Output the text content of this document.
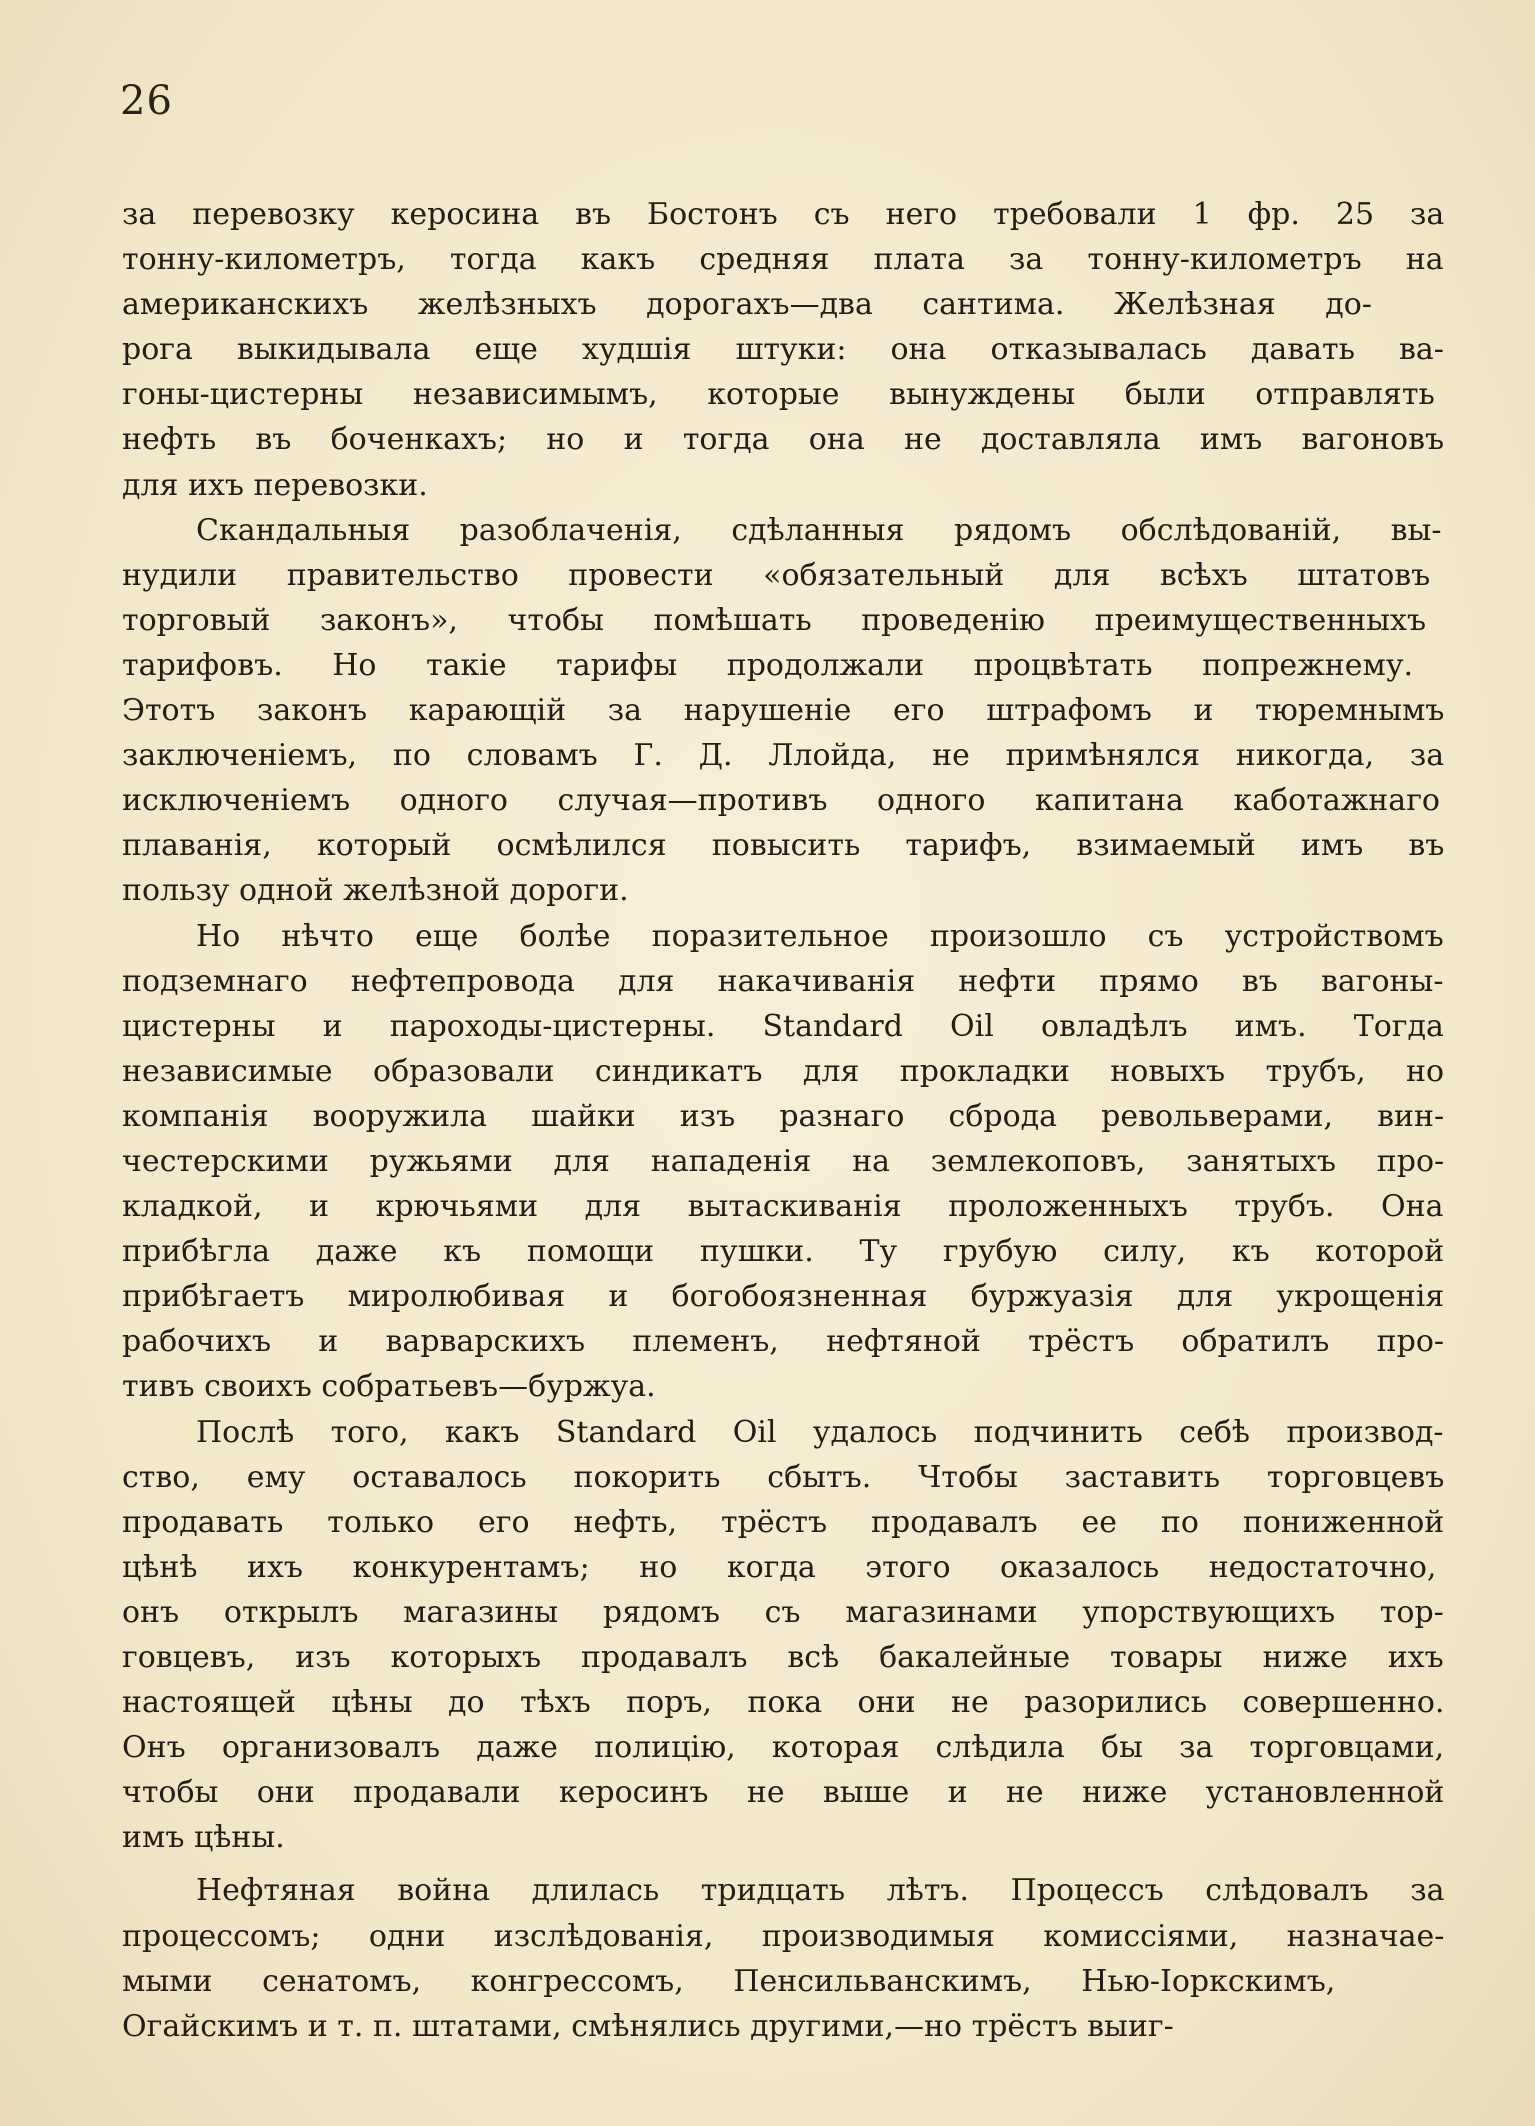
26
за перевозку керосина въ Бостонъ съ него требовали 1 фр. 25 за
тонну-километръ, тогда какъ средняя плата за тонну-километръ на
американскихъ желѣзныхъ дорогахъ—два сантима. Желѣзная до-
рога выкидывала еще худшія штуки: она отказывалась давать ва-
гоны-цистерны независимымъ, которые вынуждены были отправлять
нефть въ боченкахъ; но и тогда она не доставляла имъ вагоновъ
для ихъ перевозки.
Скандальныя разоблаченія, сдѣланныя рядомъ обслѣдованій, вы-
нудили правительство провести «обязательный для всѣхъ штатовъ
торговый законъ», чтобы помѣшать проведенію преимущественныхъ
тарифовъ. Но такіе тарифы продолжали процвѣтать попрежнему.
Этотъ законъ карающій за нарушеніе его штрафомъ и тюремнымъ
заключеніемъ, по словамъ Г. Д. Ллойда, не примѣнялся никогда, за
исключеніемъ одного случая—противъ одного капитана каботажнаго
плаванія, который осмѣлился повысить тарифъ, взимаемый имъ въ
пользу одной желѣзной дороги.
Но нѣчто еще болѣе поразительное произошло съ устройствомъ
подземнаго нефтепровода для накачиванія нефти прямо въ вагоны-
цистерны и пароходы-цистерны. Standard Oil овладѣлъ имъ. Тогда
независимые образовали синдикатъ для прокладки новыхъ трубъ, но
компанія вооружила шайки изъ разнаго сброда револьверами, вин-
честерскими ружьями для нападенія на землекоповъ, занятыхъ про-
кладкой, и крючьями для вытаскиванія проложенныхъ трубъ. Она
прибѣгла даже къ помощи пушки. Ту грубую силу, къ которой
прибѣгаетъ миролюбивая и богобоязненная буржуазія для укрощенія
рабочихъ и варварскихъ племенъ, нефтяной трёстъ обратилъ про-
тивъ своихъ собратьевъ—буржуа.
Послѣ того, какъ Standard Oil удалось подчинить себѣ производ-
ство, ему оставалось покорить сбытъ. Чтобы заставить торговцевъ
продавать только его нефть, трёстъ продавалъ ее по пониженной
цѣнѣ ихъ конкурентамъ; но когда этого оказалось недостаточно,
онъ открылъ магазины рядомъ съ магазинами упорствующихъ тор-
говцевъ, изъ которыхъ продавалъ всѣ бакалейные товары ниже ихъ
настоящей цѣны до тѣхъ поръ, пока они не разорились совершенно.
Онъ организовалъ даже полицію, которая слѣдила бы за торговцами,
чтобы они продавали керосинъ не выше и не ниже установленной
имъ цѣны.
Нефтяная война длилась тридцать лѣтъ. Процессъ слѣдовалъ за
процессомъ; одни изслѣдованія, производимыя комиссіями, назначае-
мыми сенатомъ, конгрессомъ, Пенсильванскимъ, Нью-Іоркскимъ,
Огайскимъ и т. п. штатами, смѣнялись другими,—но трёстъ выиг-
